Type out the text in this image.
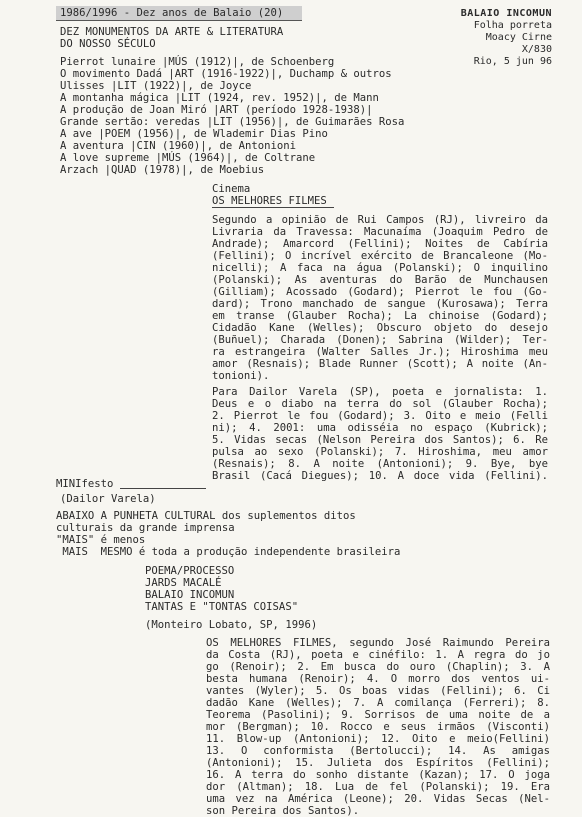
1986/1996 - Dez anos de Balaio (20)	BALAIO INCOMUN
Folha porreta
Moacy Cirne
X/830
Rio, 5 jun 96
DEZ MONUMENTOS DA ARTE & LITERATURA
DO NOSSO SÉCULO
Pierrot lunaire |MÚS (1912)|, de Schoenberg
O movimento Dadá |ART (1916-1922)|, Duchamp & outros
Ulisses |LIT (1922)|, de Joyce
A montanha mágica |LIT (1924, rev. 1952)|, de Mann
A produção de Joan Miró |ART (período 1928-1938)|
Grande sertão: veredas |LIT (1956)|, de Guimarães Rosa
A ave |POEM (1956)|, de Wlademir Dias Pino
A aventura |CIN (1960)|, de Antonioni
A love supreme |MÚS (1964)|, de Coltrane
Arzach |QUAD (1978)|, de Moebius
Cinema
OS MELHORES FILMES
Segundo a opinião de Rui Campos (RJ), livreiro da
Livraria da Travessa: Macunaíma (Joaquim Pedro de
Andrade); Amarcord (Fellini); Noites de Cabíria
(Fellini); O incrível exército de Brancaleone (Mo-
nicelli); A faca na água (Polanski); O inquilino
(Polanski); As aventuras do Barão de Munchausen
(Gilliam); Acossado (Godard); Pierrot le fou (Go-
dard); Trono manchado de sangue (Kurosawa); Terra
em transe (Glauber Rocha); La chinoise (Godard);
Cidadão Kane (Welles); Obscuro objeto do desejo
(Buñuel); Charada (Donen); Sabrina (Wilder); Ter-
ra estrangeira (Walter Salles Jr.); Hiroshima meu
amor (Resnais); Blade Runner (Scott); A noite (An-
tonioni).
Para Dailor Varela (SP), poeta e jornalista: 1.
Deus e o diabo na terra do sol (Glauber Rocha);
2. Pierrot le fou (Godard); 3. Oito e meio (Felli
ni); 4. 2001: uma odisséia no espaço (Kubrick);
5. Vidas secas (Nelson Pereira dos Santos); 6. Re
pulsa ao sexo (Polanski); 7. Hiroshima, meu amor
(Resnais); 8. A noite (Antonioni); 9. Bye, bye
Brasil (Cacá Diegues); 10. A doce vida (Fellini).
MINIfesto
(Dailor Varela)
ABAIXO A PUNHETA CULTURAL dos suplementos ditos
culturais da grande imprensa
"MAIS" é menos
MAIS  MESMO é toda a produção independente brasileira
POEMA/PROCESSO
JARDS MACALÉ
BALAIO INCOMUN
TANTAS E "TONTAS COISAS"
(Monteiro Lobato, SP, 1996)
OS MELHORES FILMES, segundo José Raimundo Pereira
da Costa (RJ), poeta e cinéfilo: 1. A regra do jo
go (Renoir); 2. Em busca do ouro (Chaplin); 3. A
besta humana (Renoir); 4. O morro dos ventos ui-
vantes (Wyler); 5. Os boas vidas (Fellini); 6. Ci
dadão Kane (Welles); 7. A comilança (Ferreri); 8.
Teorema (Pasolini); 9. Sorrisos de uma noite de a
mor (Bergman); 10. Rocco e seus irmãos (Visconti)
11. Blow-up (Antonioni); 12. Oito e meio(Fellini)
13. O conformista (Bertolucci); 14. As amigas
(Antonioni); 15. Julieta dos Espíritos (Fellini);
16. A terra do sonho distante (Kazan); 17. O joga
dor (Altman); 18. Lua de fel (Polanski); 19. Era
uma vez na América (Leone); 20. Vidas Secas (Nel-
son Pereira dos Santos).
